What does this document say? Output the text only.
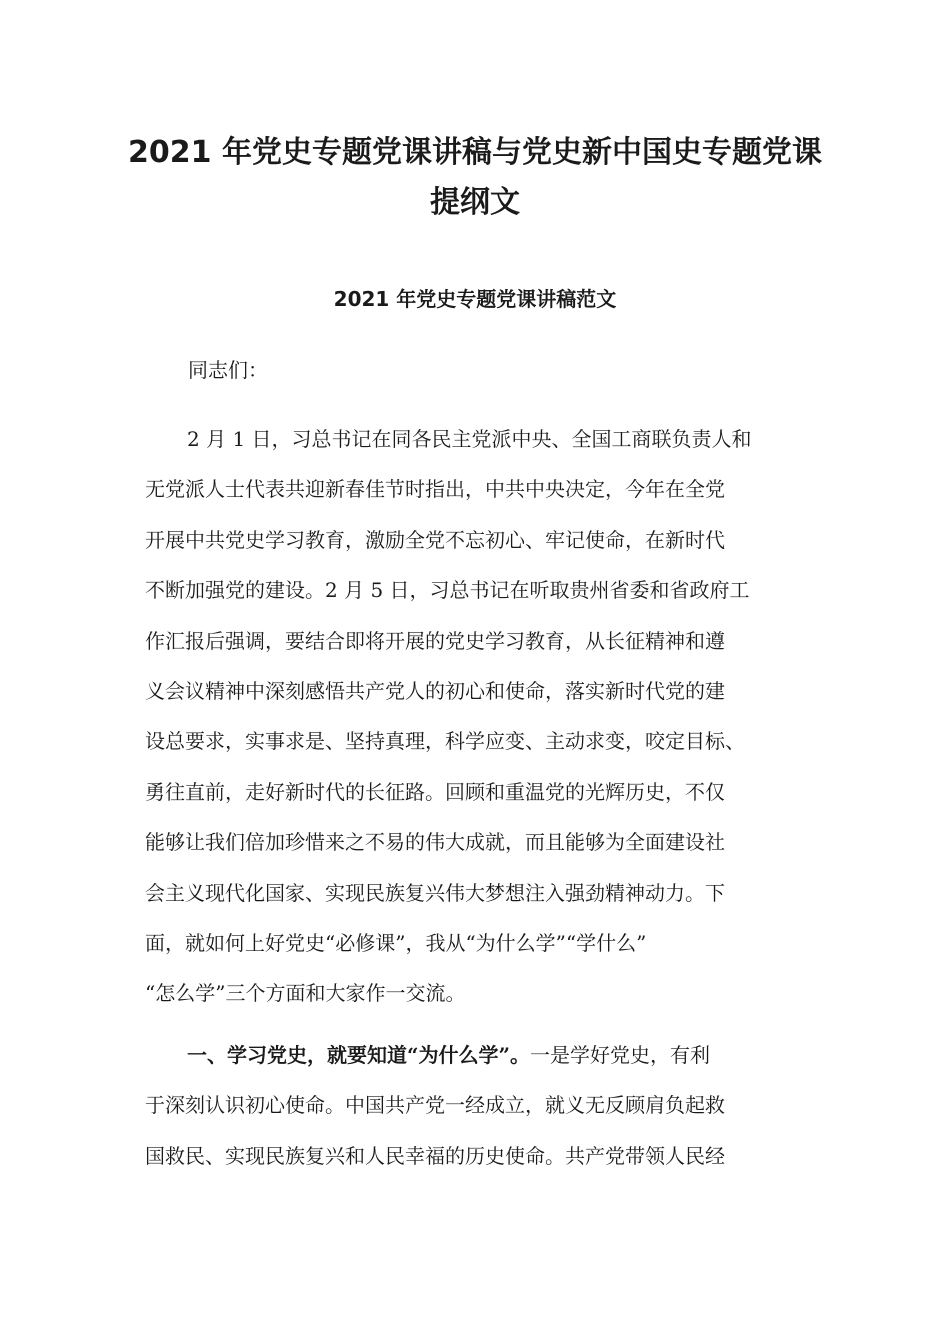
2021 年党史专题党课讲稿与党史新中国史专题党课
提纲文
2021 年党史专题党课讲稿范文

同志们：

2 月 1 日，习总书记在同各民主党派中央、全国工商联负责人和
无党派人士代表共迎新春佳节时指出，中共中央决定，今年在全党
开展中共党史学习教育，激励全党不忘初心、牢记使命，在新时代
不断加强党的建设。2 月 5 日，习总书记在听取贵州省委和省政府工
作汇报后强调，要结合即将开展的党史学习教育，从长征精神和遵
义会议精神中深刻感悟共产党人的初心和使命，落实新时代党的建
设总要求，实事求是、坚持真理，科学应变、主动求变，咬定目标、
勇往直前，走好新时代的长征路。回顾和重温党的光辉历史，不仅
能够让我们倍加珍惜来之不易的伟大成就，而且能够为全面建设社
会主义现代化国家、实现民族复兴伟大梦想注入强劲精神动力。下
面，就如何上好党史“必修课”，我从“为什么学”“学什么”
“怎么学”三个方面和大家作一交流。
一、学习党史，就要知道“为什么学”。一是学好党史，有利
于深刻认识初心使命。中国共产党一经成立，就义无反顾肩负起救
国救民、实现民族复兴和人民幸福的历史使命。共产党带领人民经
